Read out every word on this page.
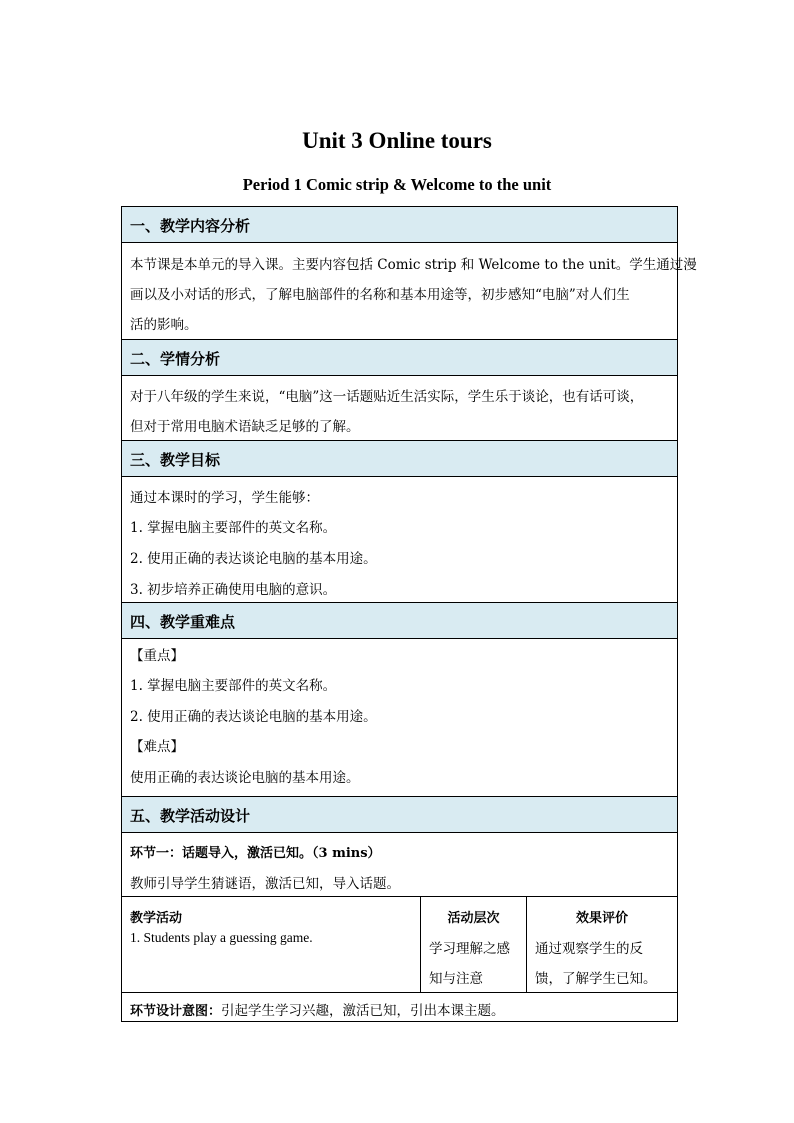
Unit 3 Online tours
Period 1 Comic strip & Welcome to the unit
一、教学内容分析
本节课是本单元的导入课。主要内容包括 Comic strip 和 Welcome to the unit。学生通过漫
画以及小对话的形式，了解电脑部件的名称和基本用途等，初步感知“电脑”对人们生
活的影响。
二、学情分析
对于八年级的学生来说，“电脑”这一话题贴近生活实际，学生乐于谈论，也有话可谈，
但对于常用电脑术语缺乏足够的了解。
三、教学目标
通过本课时的学习，学生能够：
1. 掌握电脑主要部件的英文名称。
2. 使用正确的表达谈论电脑的基本用途。
3. 初步培养正确使用电脑的意识。
四、教学重难点
【重点】
1. 掌握电脑主要部件的英文名称。
2. 使用正确的表达谈论电脑的基本用途。
【难点】
使用正确的表达谈论电脑的基本用途。
五、教学活动设计
环节一：话题导入，激活已知。（3 mins）
教师引导学生猜谜语，激活已知，导入话题。
教学活动
1. Students play a guessing game.
活动层次
学习理解之感
知与注意
效果评价
通过观察学生的反
馈，了解学生已知。
环节设计意图：引起学生学习兴趣，激活已知，引出本课主题。
